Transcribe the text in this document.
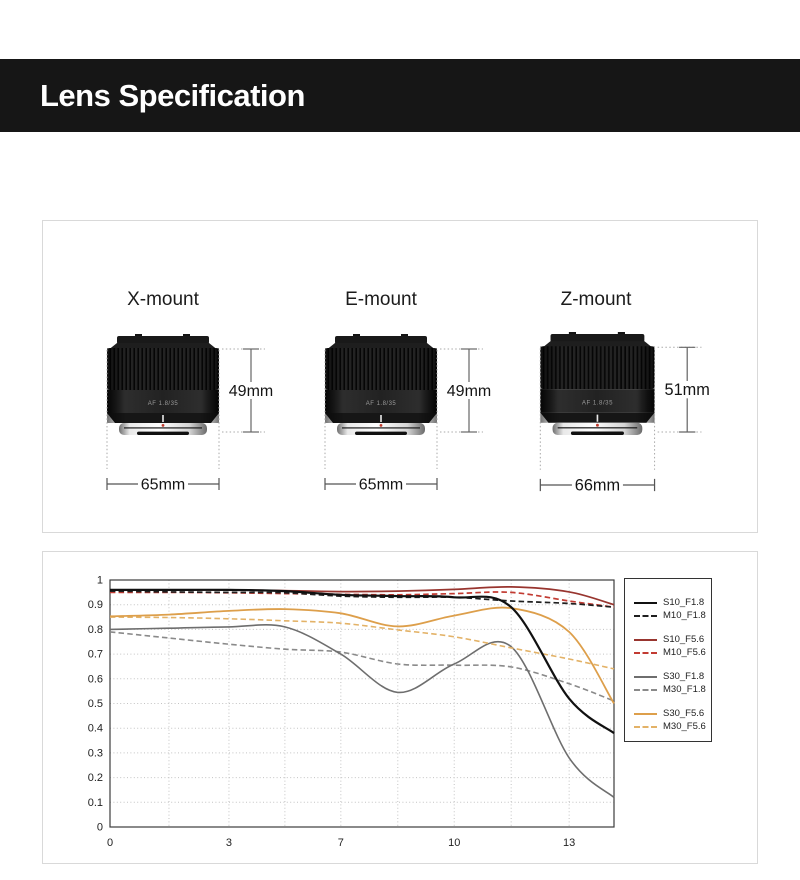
Lens Specification
X-mount
AF 1.8/35
49mm
65mm
E-mount
AF 1.8/35
49mm
65mm
Z-mount
AF 1.8/35
51mm
66mm
1
0.9
0.8
0.7
0.6
0.5
0.4
0.3
0.2
0.1
0
0	3	7	10	13
S10_F1.8
M10_F1.8
S10_F5.6
M10_F5.6
S30_F1.8
M30_F1.8
S30_F5.6
M30_F5.6
